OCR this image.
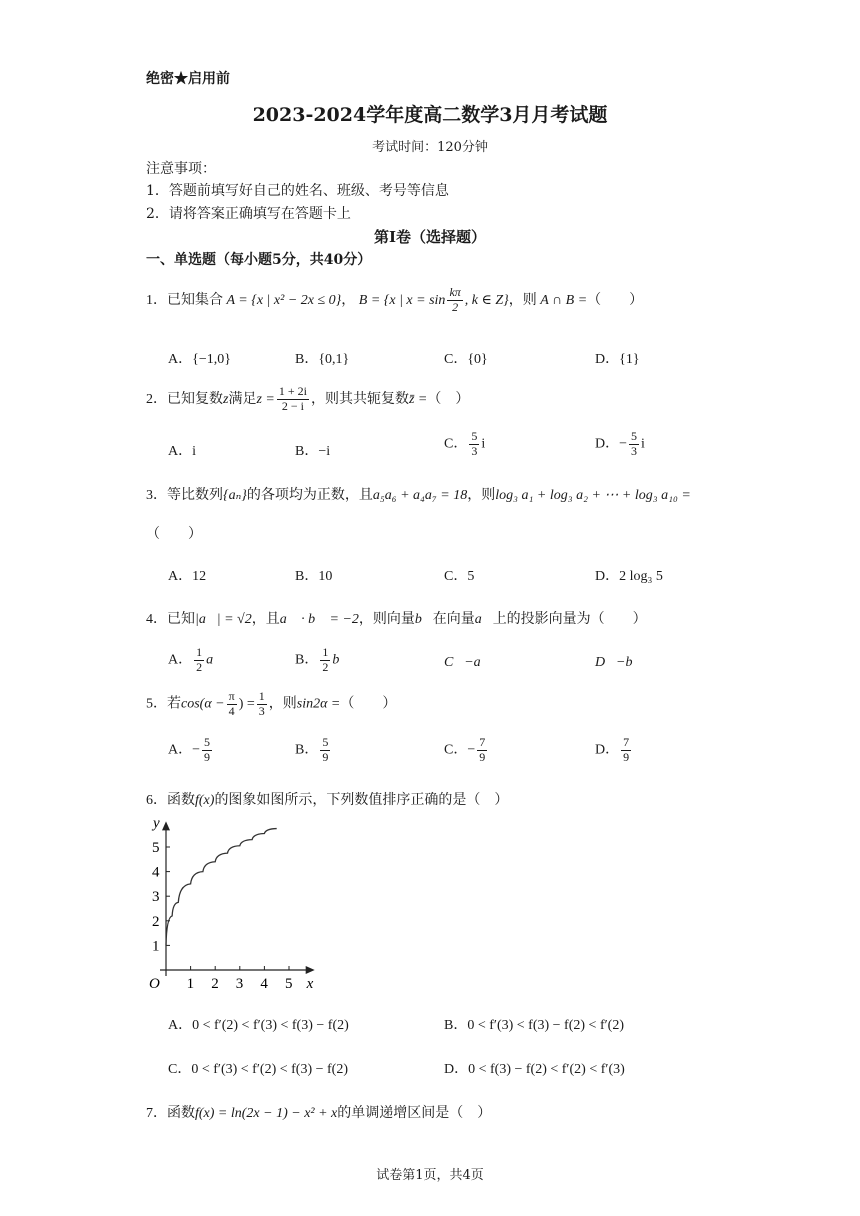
绝密★启用前
2023-2024学年度高二数学3月月考试题
考试时间：120分钟
注意事项：
1．答题前填写好自己的姓名、班级、考号等信息
2．请将答案正确填写在答题卡上
第I卷（选择题）
一、单选题（每小题5分，共40分）
1．已知集合 A = {x | x² − 2x ≤ 0}， B = {x | $x = \sin \frac{k\pi}{2}$ , k ∈ Z}，则 A ∩ B =（　　）
A．{−1,0}	B．{0,1}	C．{0}	D．{1}
2．已知复数z满足$z = \frac{1 + 2i}{2 - i}$ ，则其共轭复数z̄ =（　）
A．i	B．−i	C． $\frac{5}{3}$ i	D．− $\frac{5}{3}$ i
3．等比数列{aₙ}的各项均为正数，且a₅a₆ + a₄a₇ = 18，则log₃ a₁ + log₃ a₂ + ⋯ + log₃ a₁₀ =
（　　）
A．12	B．10	C．5	D．2 log₃ 5
4．已知|a⃗| = √2，且a⃗ · b⃗ = −2，则向量b⃗在向量a⃗上的投影向量为（　　）
A． $\frac{1}{2}$ a⃗	B． $\frac{1}{2}$ b⃗	C．−a⃗	D．−b⃗
5．若$\cos(\alpha - \frac{\pi}{4}$ ) = $\frac{1}{3}$ ，则sin2α =（　　）
A．− $\frac{5}{9}$	B． $\frac{5}{9}$	C．− $\frac{7}{9}$	D． $\frac{7}{9}$
6．函数f(x)的图象如图所示，下列数值排序正确的是（　）
x
y
O 1 2 3 4 5
1
2
3
4
5
A．0 < f′(2) < f′(3) < f(3) − f(2)	B．0 < f′(3) < f(3) − f(2) < f′(2)
C．0 < f′(3) < f′(2) < f(3) − f(2)	D．0 < f(3) − f(2) < f′(2) < f′(3)
7．函数f(x) = ln(2x − 1) − x² + x的单调递增区间是（　）
试卷第1页，共4页
